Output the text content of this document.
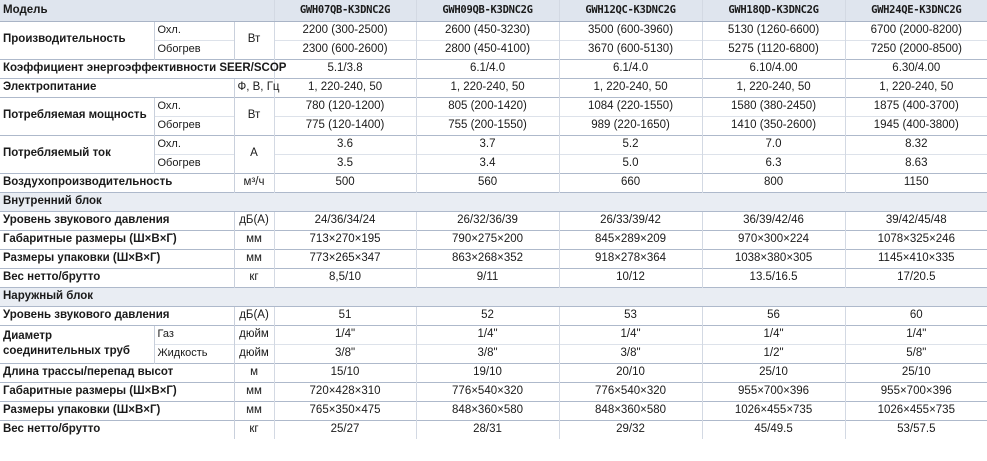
Модель			GWH07QB-K3DNC2G	GWH09QB-K3DNC2G	GWH12QC-K3DNC2G	GWH18QD-K3DNC2G	GWH24QE-K3DNC2G
Производительность	Охл.	Вт	2200 (300-2500)	2600 (450-3230)	3500 (600-3960)	5130 (1260-6600)	6700 (2000-8200)
	Обогрев		2300 (600-2600)	2800 (450-4100)	3670 (600-5130)	5275 (1120-6800)	7250 (2000-8500)
Коэффициент энергоэффективности SEER/SCOP			5.1/3.8	6.1/4.0	6.1/4.0	6.10/4.00	6.30/4.00
Электропитание		Ф, В, Гц	1, 220-240, 50	1, 220-240, 50	1, 220-240, 50	1, 220-240, 50	1, 220-240, 50
Потребляемая мощность	Охл.	Вт	780 (120-1200)	805 (200-1420)	1084 (220-1550)	1580 (380-2450)	1875 (400-3700)
	Обогрев		775 (120-1400)	755 (200-1550)	989 (220-1650)	1410 (350-2600)	1945 (400-3800)
Потребляемый ток	Охл.	А	3.6	3.7	5.2	7.0	8.32
	Обогрев		3.5	3.4	5.0	6.3	8.63
Воздухопроизводительность		м³/ч	500	560	660	800	1150
Внутренний блок							
Уровень звукового давления		дБ(А)	24/36/34/24	26/32/36/39	26/33/39/42	36/39/42/46	39/42/45/48
Габаритные размеры (Ш×В×Г)		мм	713×270×195	790×275×200	845×289×209	970×300×224	1078×325×246
Размеры упаковки (Ш×В×Г)		мм	773×265×347	863×268×352	918×278×364	1038×380×305	1145×410×335
Вес нетто/брутто		кг	8,5/10	9/11	10/12	13.5/16.5	17/20.5
Наружный блок							
Уровень звукового давления		дБ(А)	51	52	53	56	60

Диаметр
соединительных труб	Газ	дюйм	1/4"	1/4"	1/4"	1/4"	1/4"
	Жидкость	дюйм	3/8"	3/8"	3/8"	1/2"	5/8"
Длина трассы/перепад высот		м	15/10	19/10	20/10	25/10	25/10
Габаритные размеры (Ш×В×Г)		мм	720×428×310	776×540×320	776×540×320	955×700×396	955×700×396
Размеры упаковки (Ш×В×Г)		мм	765×350×475	848×360×580	848×360×580	1026×455×735	1026×455×735
Вес нетто/брутто		кг	25/27	28/31	29/32	45/49.5	53/57.5
